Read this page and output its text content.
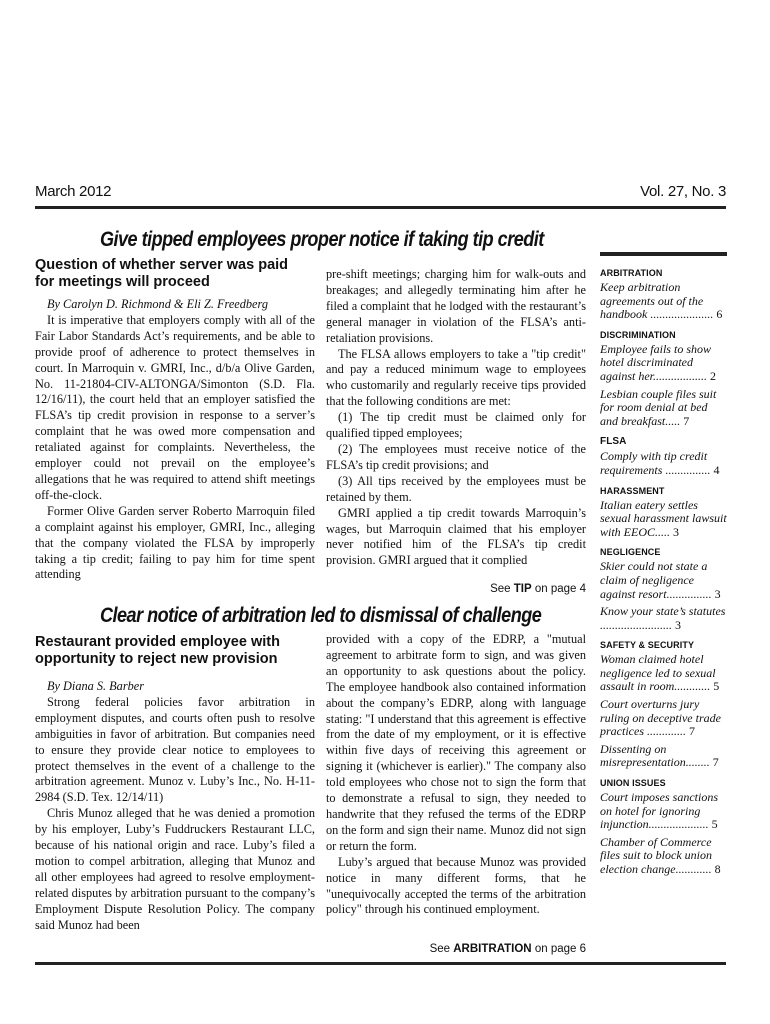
March 2012	Vol. 27, No. 3
Give tipped employees proper notice if taking tip credit
Question of whether server was paid for meetings will proceed

By Carolyn D. Richmond & Eli Z. Freedberg

It is imperative that employers comply with all of the Fair Labor Standards Act’s requirements, and be able to provide proof of adherence to protect themselves in court. In Marroquin v. GMRI, Inc., d/b/a Olive Garden, No. 11-21804-CIV-ALTONGA/Simonton (S.D. Fla. 12/16/11), the court held that an employer satisfied the FLSA’s tip credit provision in response to a server’s complaint that he was owed more compensation and retaliated against for complaints. Nevertheless, the employer could not prevail on the employee’s allegations that he was required to attend shift meetings off-the-clock.

Former Olive Garden server Roberto Marroquin filed a complaint against his employer, GMRI, Inc., alleging that the company violated the FLSA by improperly taking a tip credit; failing to pay him for time spent attending

pre-shift meetings; charging him for walk-outs and breakages; and allegedly terminating him after he filed a complaint that he lodged with the restaurant’s general manager in violation of the FLSA’s anti-retaliation provisions.

The FLSA allows employers to take a "tip credit" and pay a reduced minimum wage to employees who customarily and regularly receive tips provided that the following conditions are met:

(1) The tip credit must be claimed only for qualified tipped employees;

(2) The employees must receive notice of the FLSA’s tip credit provisions; and

(3) All tips received by the employees must be retained by them.

GMRI applied a tip credit towards Marroquin’s wages, but Marroquin claimed that his employer never notified him of the FLSA’s tip credit provision. GMRI argued that it complied

See TIP on page 4
Clear notice of arbitration led to dismissal of challenge
Restaurant provided employee with opportunity to reject new provision

By Diana S. Barber

Strong federal policies favor arbitration in employment disputes, and courts often push to resolve ambiguities in favor of arbitration. But companies need to ensure they provide clear notice to employees to protect themselves in the event of a challenge to the arbitration agreement. Munoz v. Luby’s Inc., No. H-11-2984 (S.D. Tex. 12/14/11)

Chris Munoz alleged that he was denied a promotion by his employer, Luby’s Fuddruckers Restaurant LLC, because of his national origin and race. Luby’s filed a motion to compel arbitration, alleging that Munoz and all other employees had agreed to resolve employment-related disputes by arbitration pursuant to the company’s Employment Dispute Resolution Policy. The company said Munoz had been

provided with a copy of the EDRP, a "mutual agreement to arbitrate form to sign, and was given an opportunity to ask questions about the policy. The employee handbook also contained information about the company’s EDRP, along with language stating: "I understand that this agreement is effective from the date of my employment, or it is effective within five days of receiving this agreement or signing it (whichever is earlier)." The company also told employees who chose not to sign the form that to demonstrate a refusal to sign, they needed to handwrite that they refused the terms of the EDRP on the form and sign their name. Munoz did not sign or return the form.

Luby’s argued that because Munoz was provided notice in many different forms, that he "unequivocally accepted the terms of the arbitration policy" through his continued employment.

See ARBITRATION on page 6

ARBITRATION

Keep arbitration agreements out of the handbook ..................... 6

DISCRIMINATION

Employee fails to show hotel discriminated against her.................. 2

Lesbian couple files suit for room denial at bed and breakfast..... 7

FLSA

Comply with tip credit requirements ............... 4

HARASSMENT

Italian eatery settles sexual harassment lawsuit with EEOC..... 3

NEGLIGENCE

Skier could not state a claim of negligence against resort............... 3

Know your state’s statutes ........................ 3

SAFETY & SECURITY

Woman claimed hotel negligence led to sexual assault in room............ 5

Court overturns jury ruling on deceptive trade practices ............. 7

Dissenting on misrepresentation........ 7

UNION ISSUES

Court imposes sanctions on hotel for ignoring injunction.................... 5

Chamber of Commerce files suit to block union election change............ 8
